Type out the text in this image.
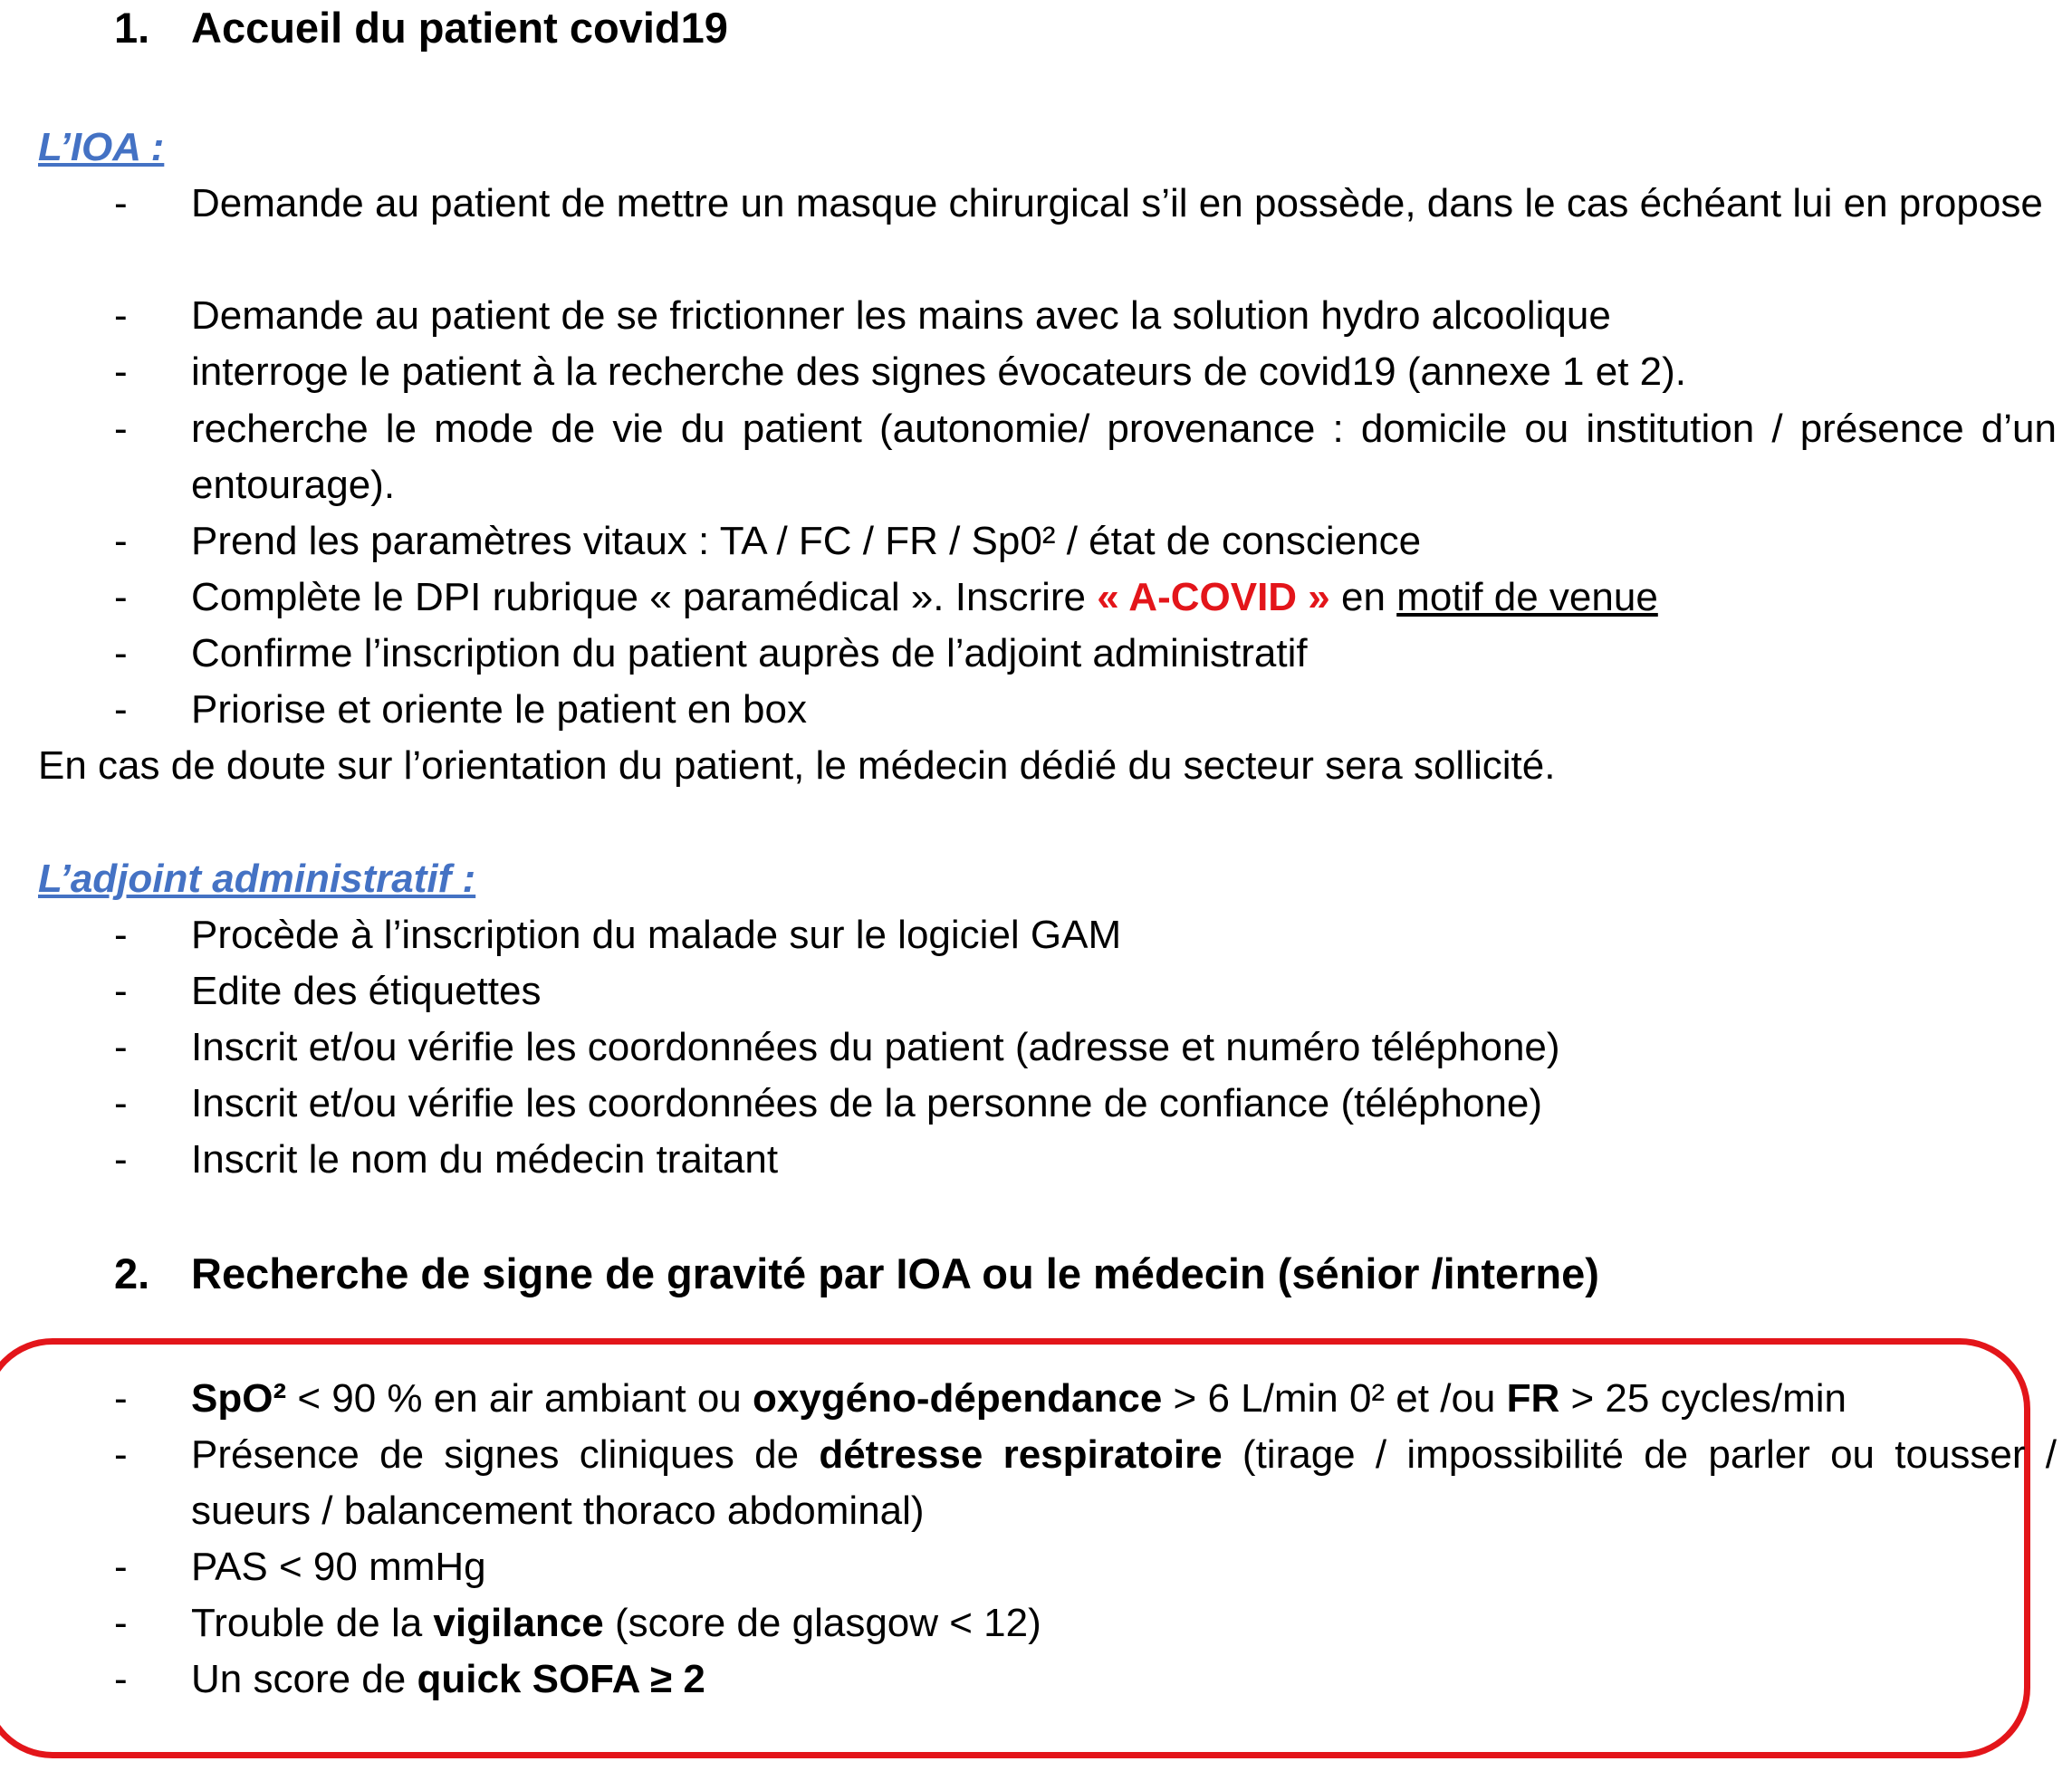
1. Accueil du patient covid19
L’IOA :
-	Demande au patient de mettre un masque chirurgical s’il en possède, dans le cas échéant lui en propose
-	Demande au patient de se frictionner les mains avec la solution hydro alcoolique
-	interroge le patient à la recherche des signes évocateurs de covid19 (annexe 1 et 2).
-	recherche le mode de vie du patient (autonomie/ provenance : domicile ou institution / présence d’un entourage).
-	Prend les paramètres vitaux : TA / FC / FR / Sp0² / état de conscience
-	Complète le DPI rubrique « paramédical ». Inscrire « A-COVID » en motif de venue
-	Confirme l’inscription du patient auprès de l’adjoint administratif
-	Priorise et oriente le patient en box
En cas de doute sur l’orientation du patient, le médecin dédié du secteur sera sollicité.
L’adjoint administratif :
-	Procède à l’inscription du malade sur le logiciel GAM
-	Edite des étiquettes
-	Inscrit et/ou vérifie les coordonnées du patient (adresse et numéro téléphone)
-	Inscrit et/ou vérifie les coordonnées de la personne de confiance (téléphone)
-	Inscrit le nom du médecin traitant
2. Recherche de signe de gravité par IOA ou le médecin (sénior /interne)
-	SpO² < 90 % en air ambiant ou oxygéno-dépendance > 6 L/min 0² et /ou FR > 25 cycles/min
-	Présence de signes cliniques de détresse respiratoire (tirage / impossibilité de parler ou tousser / sueurs / balancement thoraco abdominal)
-	PAS < 90 mmHg
-	Trouble de la vigilance (score de glasgow < 12)
-	Un score de quick SOFA ≥ 2
